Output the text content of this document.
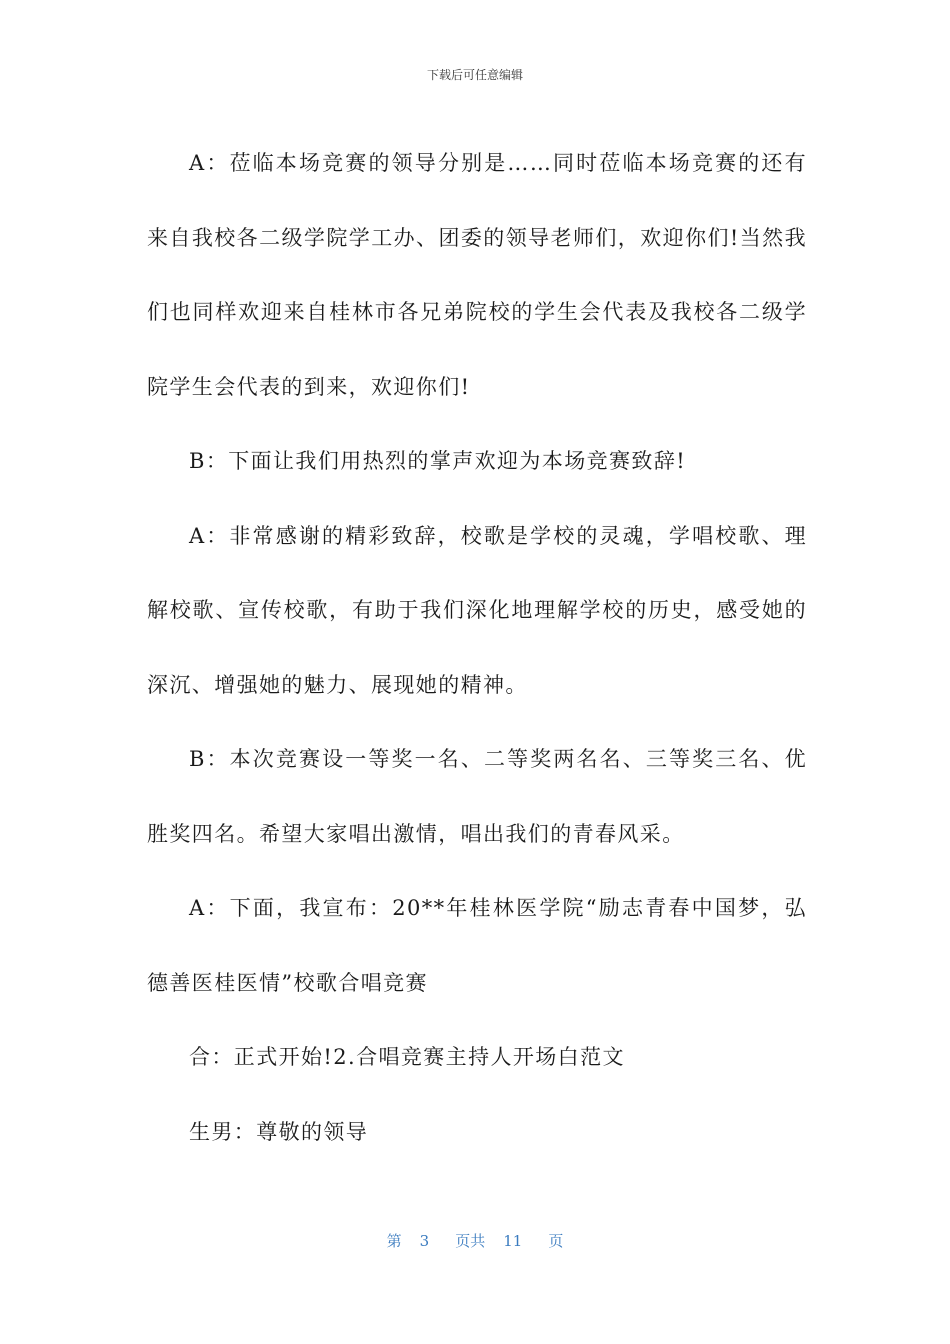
下载后可任意编辑

A：莅临本场竞赛的领导分别是……同时莅临本场竞赛的还有来自我校各二级学院学工办、团委的领导老师们，欢迎你们!当然我们也同样欢迎来自桂林市各兄弟院校的学生会代表及我校各二级学院学生会代表的到来，欢迎你们!

B：下面让我们用热烈的掌声欢迎为本场竞赛致辞!

A：非常感谢的精彩致辞，校歌是学校的灵魂，学唱校歌、理解校歌、宣传校歌，有助于我们深化地理解学校的历史，感受她的深沉、增强她的魅力、展现她的精神。

B：本次竞赛设一等奖一名、二等奖两名名、三等奖三名、优胜奖四名。希望大家唱出激情，唱出我们的青春风采。

A：下面，我宣布：20**年桂林医学院“励志青春中国梦，弘德善医桂医情”校歌合唱竞赛

合：正式开始!2.合唱竞赛主持人开场白范文

生男：尊敬的领导

第 3 页共 11 页
